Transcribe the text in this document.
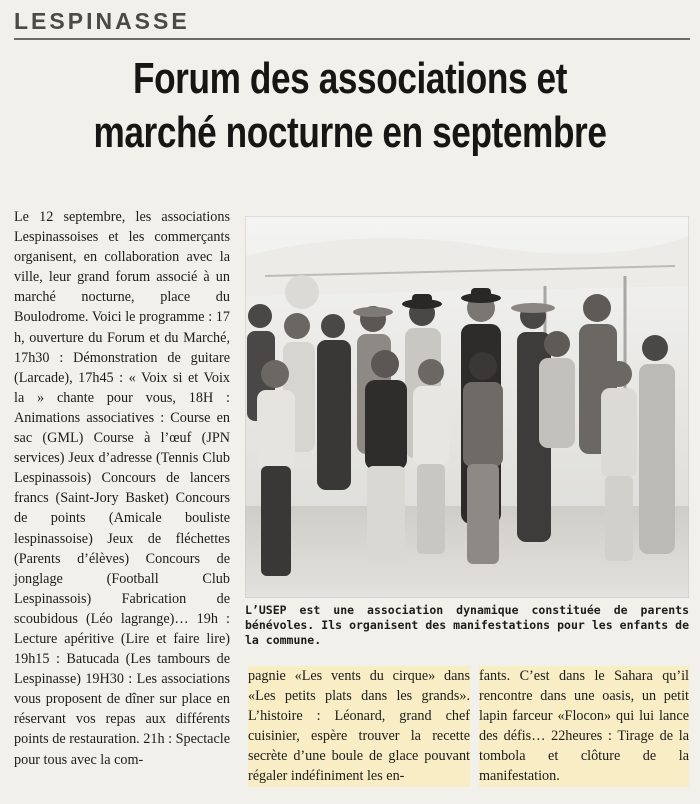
LESPINASSE
Forum des associations et marché nocturne en septembre
Le 12 septembre, les associations Lespinassoises et les commerçants organisent, en collaboration avec la ville, leur grand forum associé à un marché nocturne, place du Boulodrome. Voici le programme : 17 h, ouverture du Forum et du Marché, 17h30 : Démonstration de guitare (Larcade), 17h45 : « Voix si et Voix la » chante pour vous, 18H : Animations associatives : Course en sac (GML) Course à l’œuf (JPN services) Jeux d’adresse (Tennis Club Lespinassois) Concours de lancers francs (Saint-Jory Basket) Concours de points (Amicale bouliste lespinassoise) Jeux de fléchettes (Parents d’élèves) Concours de jonglage (Football Club Lespinassois) Fabrication de scoubidous (Léo lagrange)… 19h : Lecture apéritive (Lire et faire lire) 19h15 : Batucada (Les tambours de Lespinasse) 19H30 : Les associations vous proposent de dîner sur place en réservant vos repas aux différents points de restauration. 21h : Spectacle pour tous avec la com-
L’USEP est une association dynamique constituée de parents bénévoles. Ils organisent des manifestations pour les enfants de la commune.
pagnie «Les vents du cirque» dans «Les petits plats dans les grands». L’histoire : Léonard, grand chef cuisinier, espère trouver la recette secrète d’une boule de glace pouvant régaler indéfiniment les en-
fants. C’est dans le Sahara qu’il rencontre dans une oasis, un petit lapin farceur «Flocon» qui lui lance des défis… 22heures : Tirage de la tombola et clôture de la manifestation.
